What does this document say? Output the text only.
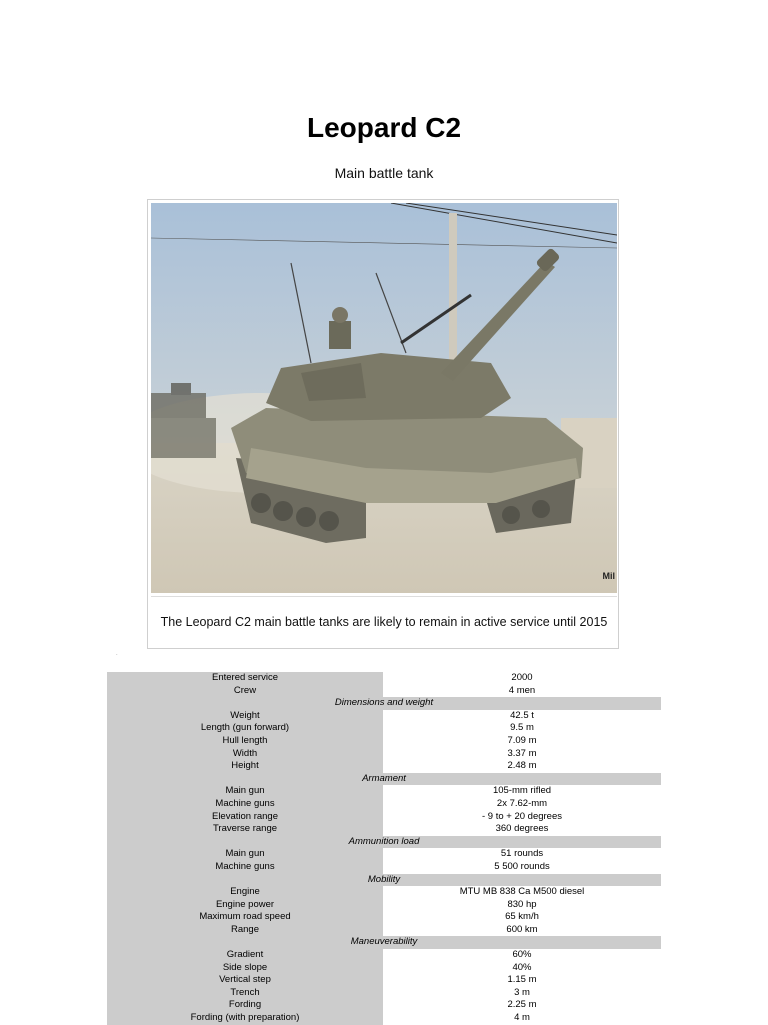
Leopard C2
Main battle tank
Mil
The Leopard C2 main battle tanks are likely to remain in active service until 2015
.
Entered service	2000
Crew	4 men
Dimensions and weight	
Weight	42.5 t
Length (gun forward)	9.5 m
Hull length	7.09 m
Width	3.37 m
Height	2.48 m
Armament	
Main gun	105-mm rifled
Machine guns	2x 7.62-mm
Elevation range	- 9 to + 20 degrees
Traverse range	360 degrees
Ammunition load	
Main gun	51 rounds
Machine guns	5 500 rounds
Mobility	
Engine	MTU MB 838 Ca M500 diesel
Engine power	830 hp
Maximum road speed	65 km/h
Range	600 km
Maneuverability	
Gradient	60%
Side slope	40%
Vertical step	1.15 m
Trench	3 m
Fording	2.25 m
Fording (with preparation)	4 m
